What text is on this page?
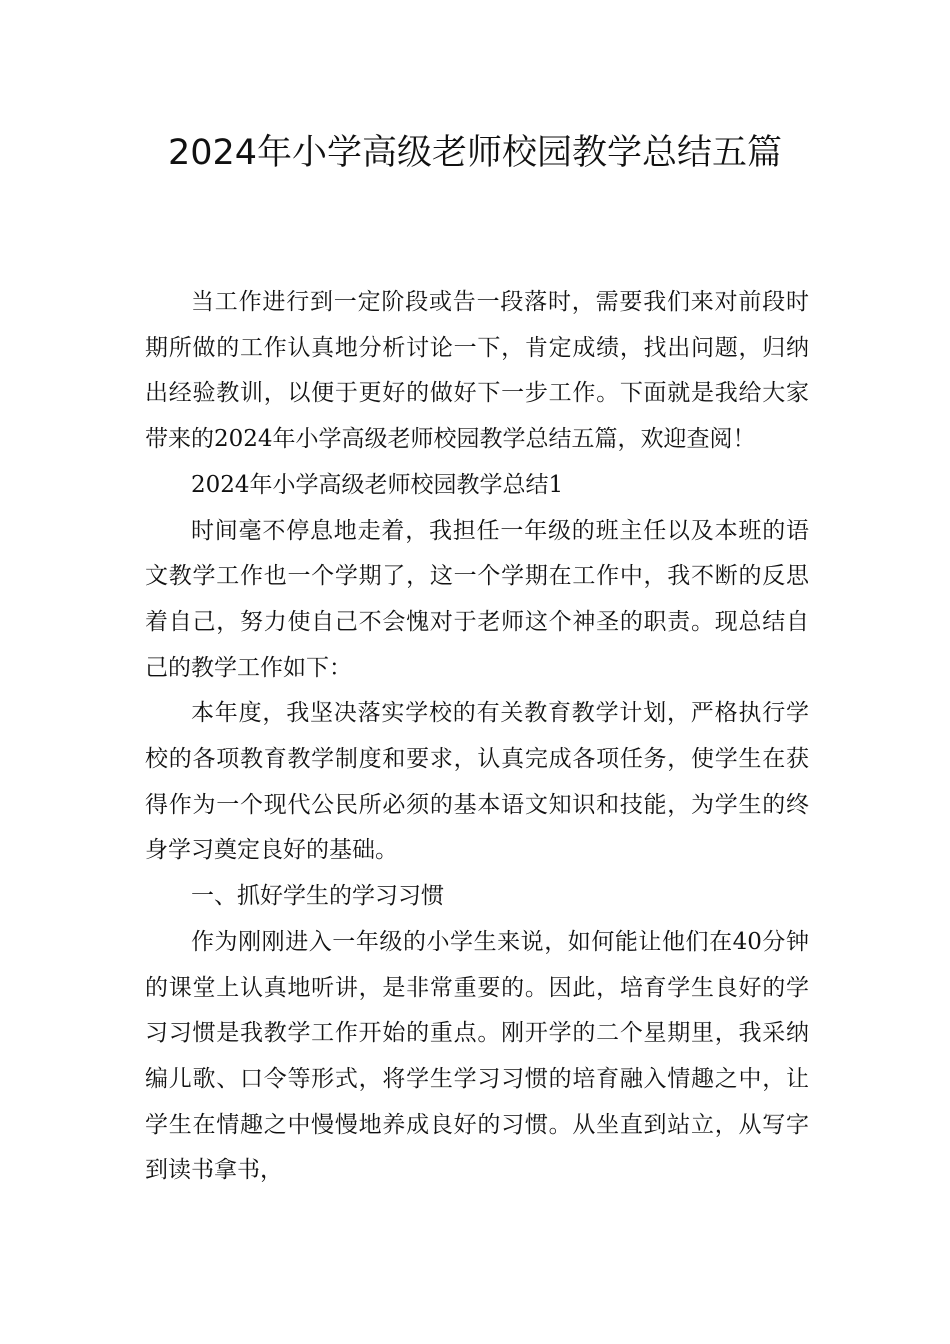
2024年小学高级老师校园教学总结五篇

当工作进行到一定阶段或告一段落时，需要我们来对前段时期所做的工作认真地分析讨论一下，肯定成绩，找出问题，归纳出经验教训，以便于更好的做好下一步工作。下面就是我给大家带来的2024年小学高级老师校园教学总结五篇，欢迎查阅！

2024年小学高级老师校园教学总结1

时间毫不停息地走着，我担任一年级的班主任以及本班的语文教学工作也一个学期了，这一个学期在工作中，我不断的反思着自己，努力使自己不会愧对于老师这个神圣的职责。现总结自己的教学工作如下：

本年度，我坚决落实学校的有关教育教学计划，严格执行学校的各项教育教学制度和要求，认真完成各项任务，使学生在获得作为一个现代公民所必须的基本语文知识和技能，为学生的终身学习奠定良好的基础。

一、抓好学生的学习习惯

作为刚刚进入一年级的小学生来说，如何能让他们在40分钟的课堂上认真地听讲，是非常重要的。因此，培育学生良好的学习习惯是我教学工作开始的重点。刚开学的二个星期里，我采纳编儿歌、口令等形式，将学生学习习惯的培育融入情趣之中，让学生在情趣之中慢慢地养成良好的习惯。从坐直到站立，从写字到读书拿书，
